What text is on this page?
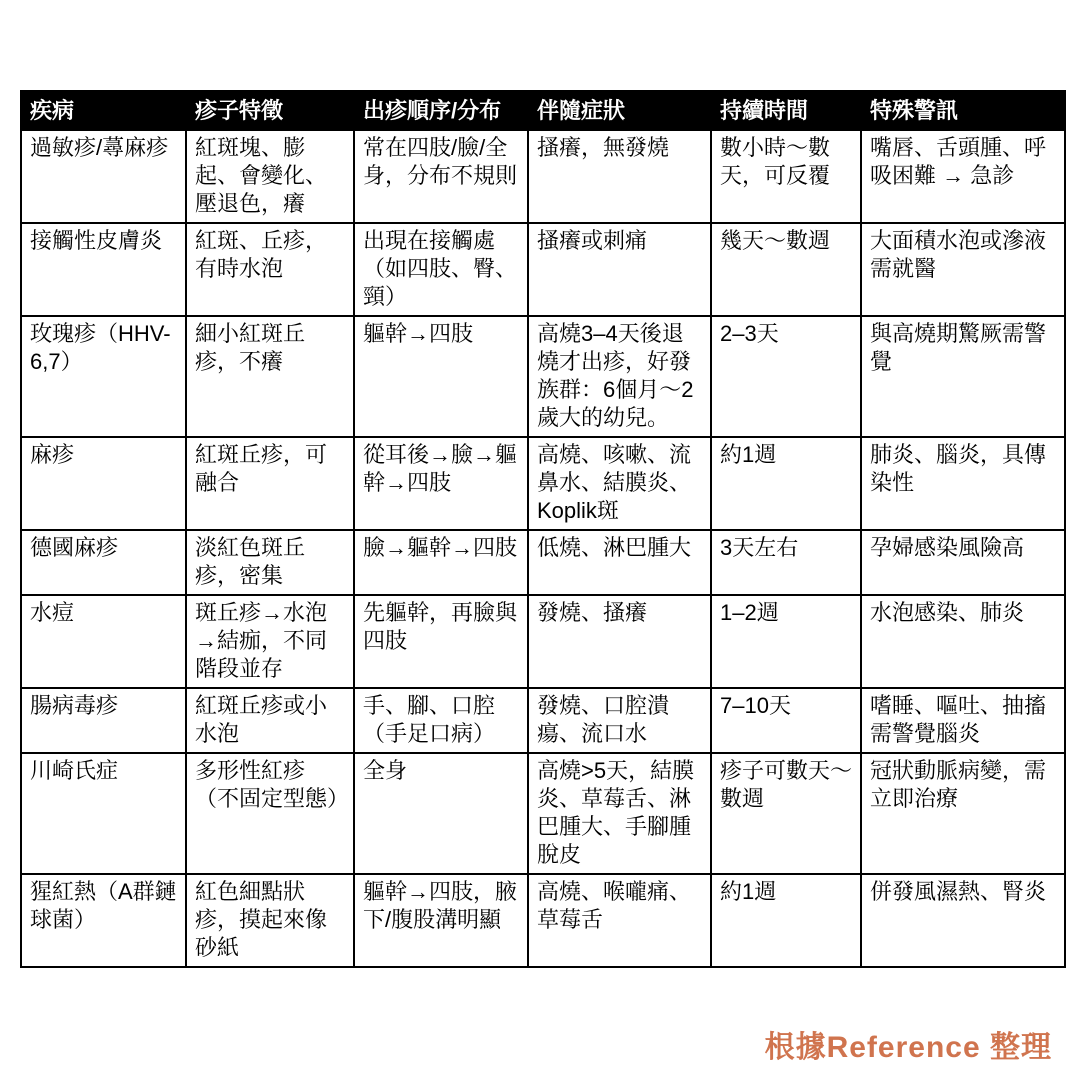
疾病	疹子特徵	出疹順序/分布	伴隨症狀	持續時間	特殊警訊
過敏疹/蕁麻疹	紅斑塊、膨起、會變化、壓退色，癢	常在四肢/臉/全身，分布不規則	搔癢，無發燒	數小時～數天，可反覆	嘴唇、舌頭腫、呼吸困難 → 急診
接觸性皮膚炎	紅斑、丘疹，有時水泡	出現在接觸處（如四肢、臀、頸）	搔癢或刺痛	幾天～數週	大面積水泡或滲液需就醫
玫瑰疹（HHV-6,7）	細小紅斑丘疹，不癢	軀幹→四肢	高燒3–4天後退燒才出疹，好發族群：6個月～2歲大的幼兒。	2–3天	與高燒期驚厥需警覺
麻疹	紅斑丘疹，可融合	從耳後→臉→軀幹→四肢	高燒、咳嗽、流鼻水、結膜炎、Koplik斑	約1週	肺炎、腦炎，具傳染性
德國麻疹	淡紅色斑丘疹，密集	臉→軀幹→四肢	低燒、淋巴腫大	3天左右	孕婦感染風險高
水痘	斑丘疹→水泡→結痂，不同階段並存	先軀幹，再臉與四肢	發燒、搔癢	1–2週	水泡感染、肺炎
腸病毒疹	紅斑丘疹或小水泡	手、腳、口腔（手足口病）	發燒、口腔潰瘍、流口水	7–10天	嗜睡、嘔吐、抽搐需警覺腦炎
川崎氏症	多形性紅疹（不固定型態）	全身	高燒>5天，結膜炎、草莓舌、淋巴腫大、手腳腫脫皮	疹子可數天～數週	冠狀動脈病變，需立即治療
猩紅熱（A群鏈球菌）	紅色細點狀疹，摸起來像砂紙	軀幹→四肢，腋下/腹股溝明顯	高燒、喉嚨痛、草莓舌	約1週	併發風濕熱、腎炎
根據Reference 整理
